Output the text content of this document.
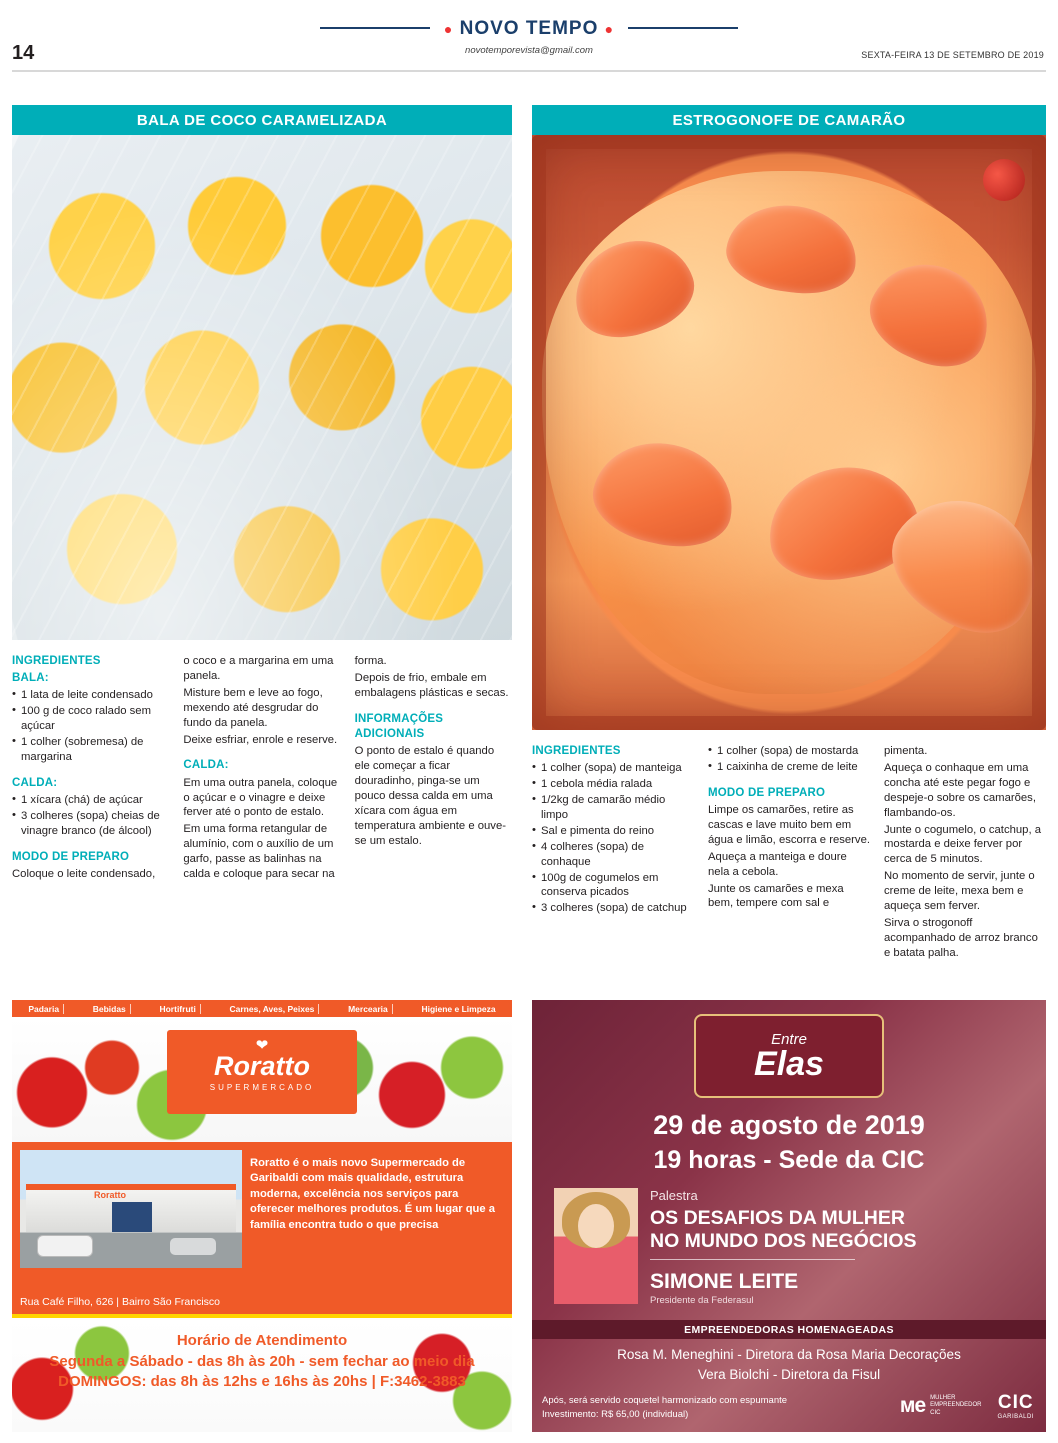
● NOVO TEMPO ●
novotemporevista@gmail.com
14	SEXTA-FEIRA 13 DE SETEMBRO DE 2019
BALA DE COCO CARAMELIZADA
INGREDIENTES
BALA:
• 1 lata de leite condensado
• 100 g de coco ralado sem açúcar
• 1 colher (sobremesa) de margarina
CALDA:
• 1 xícara (chá) de açúcar
• 3 colheres (sopa) cheias de vinagre branco (de álcool)
MODO DE PREPARO

Coloque o leite condensado,

o coco e a margarina em uma panela.

Misture bem e leve ao fogo, mexendo até desgrudar do fundo da panela.

Deixe esfriar, enrole e reserve.

CALDA:

Em uma outra panela, coloque o açúcar e o vinagre e deixe ferver até o ponto de estalo.

Em uma forma retangular de alumínio, com o auxílio de um garfo, passe as balinhas na calda e coloque para secar na

forma.

Depois de frio, embale em embalagens plásticas e secas.

INFORMAÇÕES ADICIONAIS

O ponto de estalo é quando ele começar a ficar douradinho, pinga-se um pouco dessa calda em uma xícara com água em temperatura ambiente e ouve-se um estalo.

ESTROGONOFE DE CAMARÃO
INGREDIENTES
• 1 colher (sopa) de manteiga
• 1 cebola média ralada
• 1/2kg de camarão médio limpo
• Sal e pimenta do reino
• 4 colheres (sopa) de conhaque
• 100g de cogumelos em conserva picados
• 3 colheres (sopa) de catchup
• 1 colher (sopa) de mostarda
• 1 caixinha de creme de leite
MODO DE PREPARO

Limpe os camarões, retire as cascas e lave muito bem em água e limão, escorra e reserve.

Aqueça a manteiga e doure nela a cebola.

Junte os camarões e mexa bem, tempere com sal e

pimenta.

Aqueça o conhaque em uma concha até este pegar fogo e despeje-o sobre os camarões, flambando-os.

Junte o cogumelo, o catchup, a mostarda e deixe ferver por cerca de 5 minutos.

No momento de servir, junte o creme de leite, mexa bem e aqueça sem ferver.

Sirva o strogonoff acompanhado de arroz branco e batata palha.

Padaria	Bebidas	Hortifruti	Carnes, Aves, Peixes	Mercearia	Higiene e Limpeza
❤
Roratto
SUPERMERCADO
Roratto
Roratto é o mais novo Supermercado de Garibaldi com mais qualidade, estrutura moderna, excelência nos serviços para oferecer melhores produtos. É um lugar que a família encontra tudo o que precisa
Rua Café Filho, 626 | Bairro São Francisco
Horário de Atendimento
Segunda a Sábado - das 8h às 20h - sem fechar ao meio dia
DOMINGOS: das 8h às 12hs e 16hs às 20hs | F:3462-3883
Entre
Elas
29 de agosto de 2019
19 horas - Sede da CIC
Palestra
OS DESAFIOS DA MULHER
NO MUNDO DOS NEGÓCIOS
SIMONE LEITE
Presidente da Federasul
EMPREENDEDORAS HOMENAGEADAS
Rosa M. Meneghini - Diretora da Rosa Maria Decorações
Vera Biolchi - Diretora da Fisul
Após, será servido coquetel harmonizado com espumante
Investimento: R$ 65,00 (individual)	ме MULHER
EMPREENDEDOR
CIC	CIC
GARIBALDI
